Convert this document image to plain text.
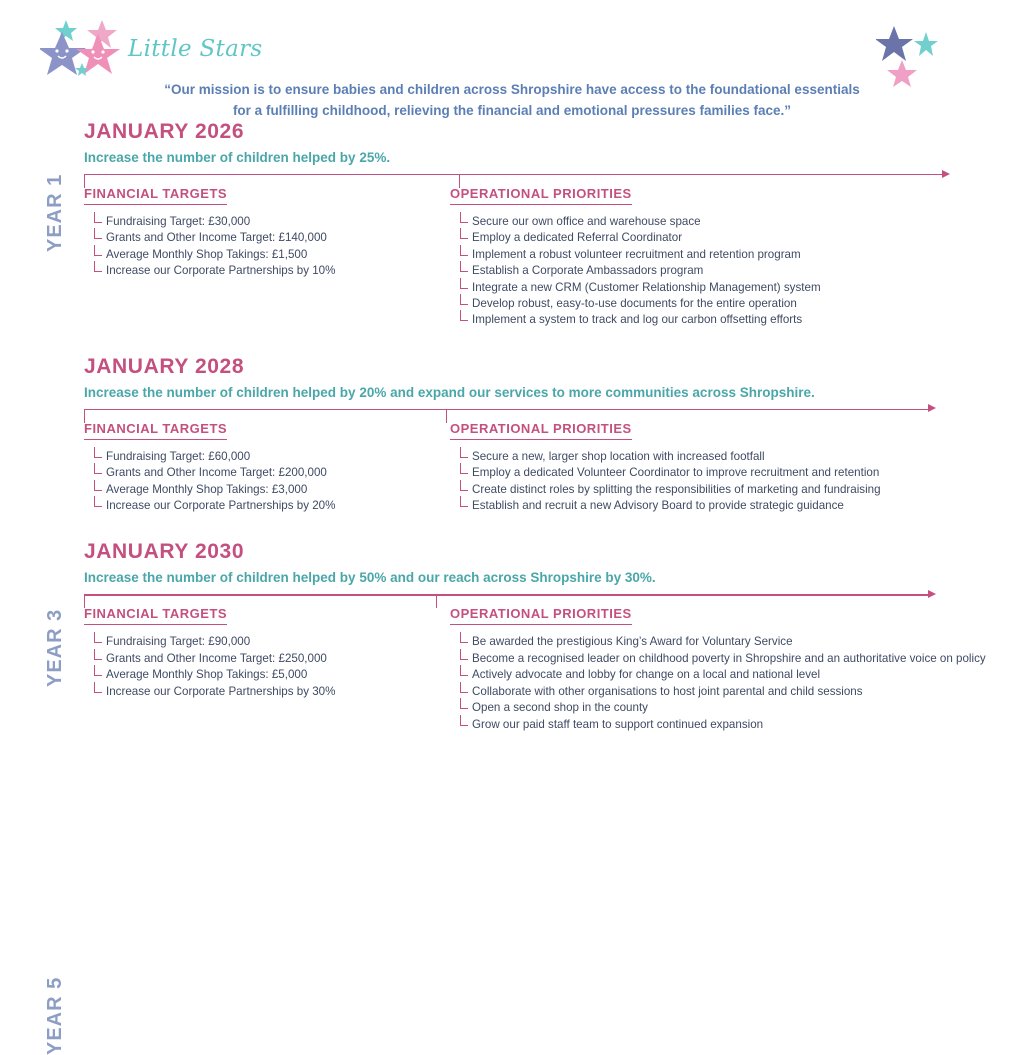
Little Stars
“Our mission is to ensure babies and children across Shropshire have access to the foundational essentials
for a fulfilling childhood, relieving the financial and emotional pressures families face.”
YEAR 1
JANUARY 2026
Increase the number of children helped by 25%.
FINANCIAL TARGETS
Fundraising Target: £30,000
Grants and Other Income Target: £140,000
Average Monthly Shop Takings: £1,500
Increase our Corporate Partnerships by 10%
OPERATIONAL PRIORITIES
Secure our own office and warehouse space
Employ a dedicated Referral Coordinator
Implement a robust volunteer recruitment and retention program
Establish a Corporate Ambassadors program
Integrate a new CRM (Customer Relationship Management) system
Develop robust, easy-to-use documents for the entire operation
Implement a system to track and log our carbon offsetting efforts
YEAR 3
JANUARY 2028
Increase the number of children helped by 20% and expand our services to more communities across Shropshire.
FINANCIAL TARGETS
Fundraising Target: £60,000
Grants and Other Income Target: £200,000
Average Monthly Shop Takings: £3,000
Increase our Corporate Partnerships by 20%
OPERATIONAL PRIORITIES
Secure a new, larger shop location with increased footfall
Employ a dedicated Volunteer Coordinator to improve recruitment and retention
Create distinct roles by splitting the responsibilities of marketing and fundraising
Establish and recruit a new Advisory Board to provide strategic guidance
YEAR 5
JANUARY 2030
Increase the number of children helped by 50% and our reach across Shropshire by 30%.
FINANCIAL TARGETS
Fundraising Target: £90,000
Grants and Other Income Target: £250,000
Average Monthly Shop Takings: £5,000
Increase our Corporate Partnerships by 30%
OPERATIONAL PRIORITIES
Be awarded the prestigious King’s Award for Voluntary Service
Become a recognised leader on childhood poverty in Shropshire and an authoritative voice on policy
Actively advocate and lobby for change on a local and national level
Collaborate with other organisations to host joint parental and child sessions
Open a second shop in the county
Grow our paid staff team to support continued expansion
